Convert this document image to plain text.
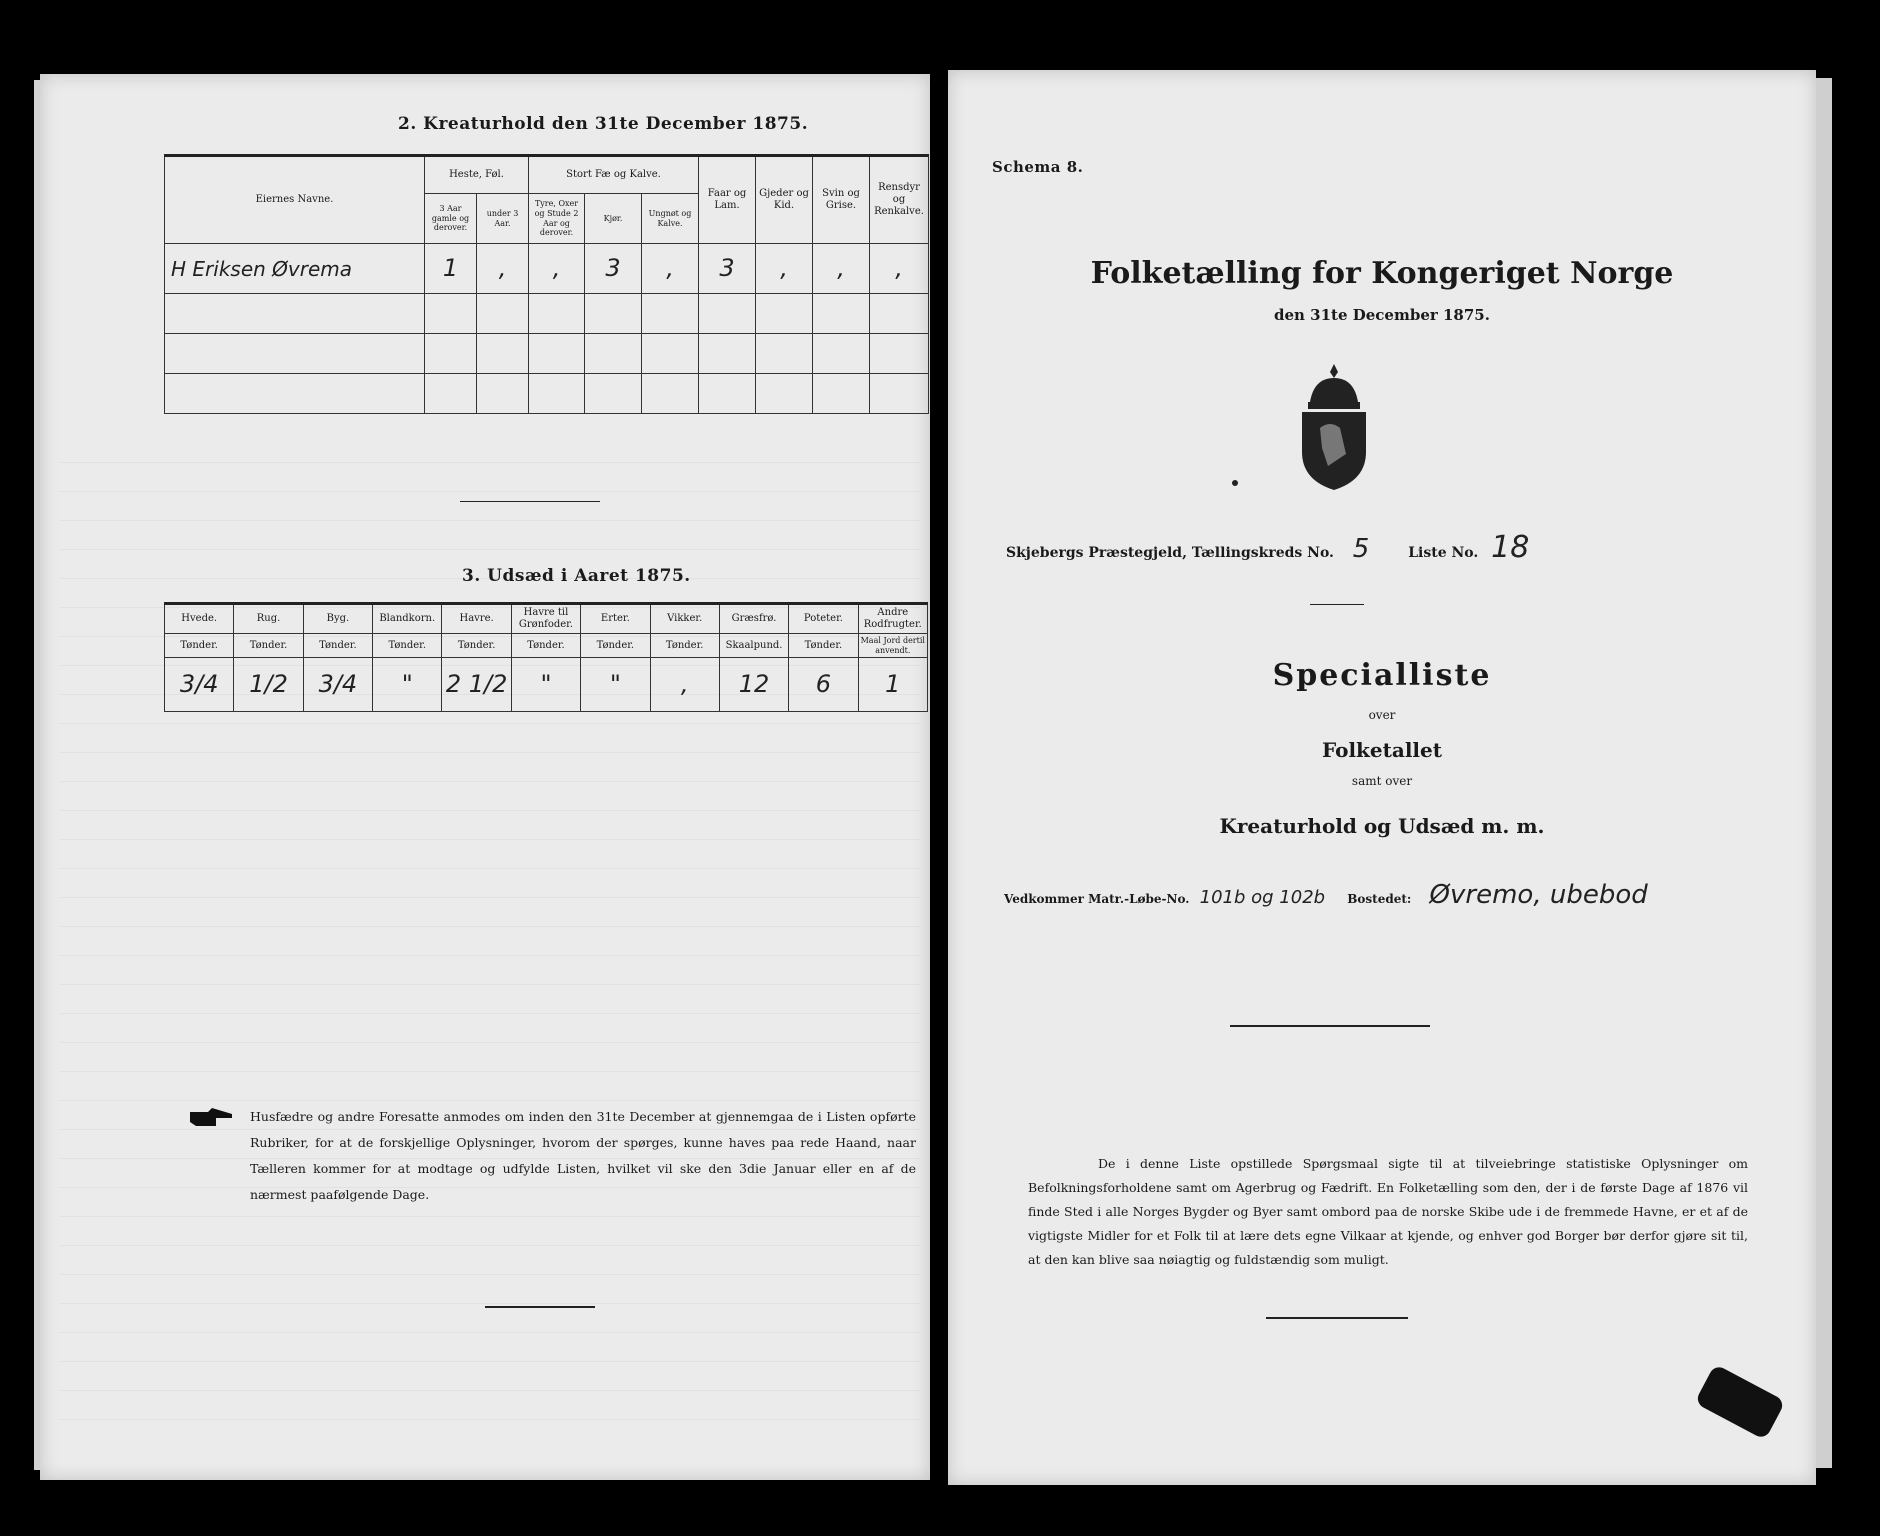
2. Kreaturhold den 31te December 1875.
Eiernes Navne.	Heste, Føl.		Stort Fæ og Kalve.			Faar og Lam.	Gjeder og Kid.	Svin og Grise.	Rensdyr og Renkalve.
	3 Aar gamle og derover.	under 3 Aar.	Tyre, Oxer og Stude 2 Aar og derover.	Kjør.	Ungnøt og Kalve.				
H Eriksen Øvrema	1	,	,	3	,	3	,	,	,

3. Udsæd i Aaret 1875.
Hvede.	Rug.	Byg.	Blandkorn.	Havre.	Havre til Grønfoder.	Erter.	Vikker.	Græsfrø.	Poteter.	Andre Rodfrugter.
Tønder.	Tønder.	Tønder.	Tønder.	Tønder.	Tønder.	Tønder.	Tønder.	Skaalpund.	Tønder.	Maal Jord dertil anvendt.
3/4	1/2	3/4	"	2 1/2	"	"	,	12	6	1
Husfædre og andre Foresatte anmodes om inden den 31te December at gjennemgaa de i Listen opførte Rubriker, for at de forskjellige Oplysninger, hvorom der spørges, kunne haves paa rede Haand, naar Tælleren kommer for at modtage og udfylde Listen, hvilket vil ske den 3die Januar eller en af de nærmest paafølgende Dage.
Schema 8.
Folketælling for Kongeriget Norge
den 31te December 1875.
Skjebergs Præstegjeld, Tællingskreds No. 5	Liste No. 18
Specialliste
over
Folketallet
samt over
Kreaturhold og Udsæd m. m.
Vedkommer Matr.-Løbe-No. 101b og 102b Bostedet: Øvremo, ubebod
De i denne Liste opstillede Spørgsmaal sigte til at tilveiebringe statistiske Oplysninger om Befolkningsforholdene samt om Agerbrug og Fædrift. En Folketælling som den, der i de første Dage af 1876 vil finde Sted i alle Norges Bygder og Byer samt ombord paa de norske Skibe ude i de fremmede Havne, er et af de vigtigste Midler for et Folk til at lære dets egne Vilkaar at kjende, og enhver god Borger bør derfor gjøre sit til, at den kan blive saa nøiagtig og fuldstændig som muligt.
